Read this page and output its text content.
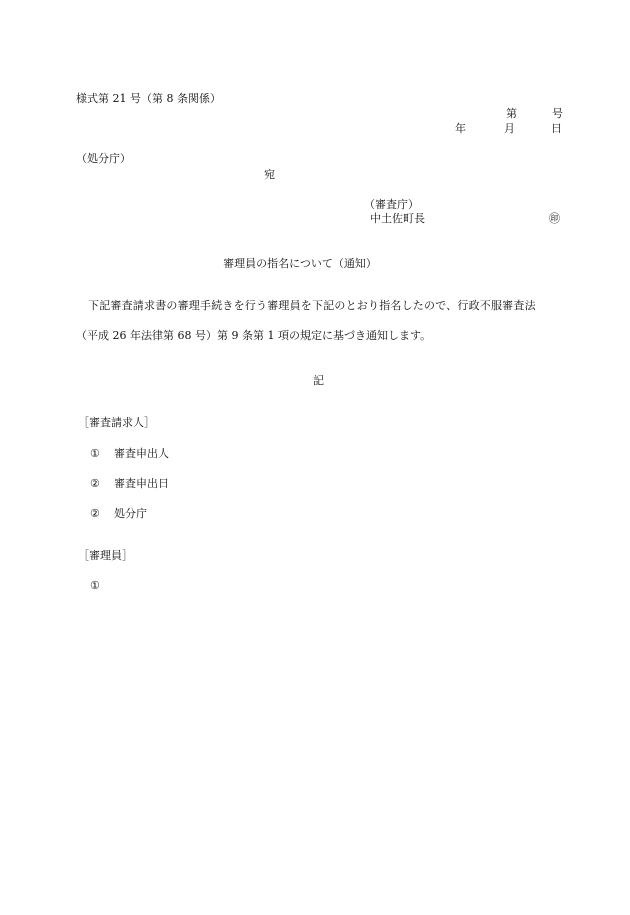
様式第 21 号（第 8 条関係）
第	号
年	月	日
（処分庁）
宛
（審査庁）
中土佐町長	㊞
審理員の指名について（通知）
下記審査請求書の審理手続きを行う審理員を下記のとおり指名したので、行政不服審査法
（平成 26 年法律第 68 号）第 9 条第 1 項の規定に基づき通知します。
記
［審査請求人］
① 審査申出人
② 審査申出日
② 処分庁
［審理員］
①
